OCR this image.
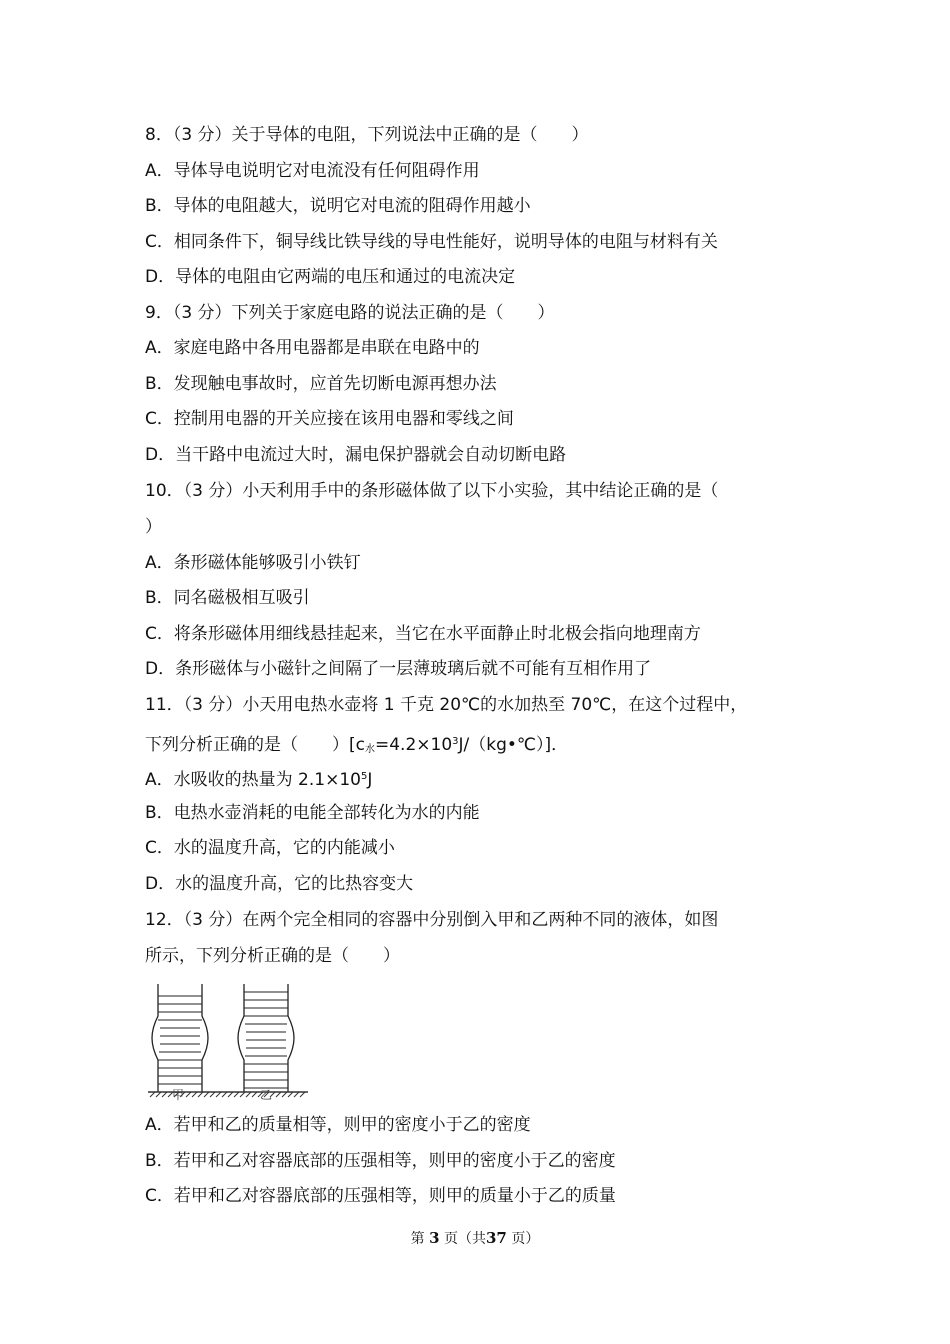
8．（3 分）关于导体的电阻，下列说法中正确的是（　　）
A．导体导电说明它对电流没有任何阻碍作用
B．导体的电阻越大，说明它对电流的阻碍作用越小
C．相同条件下，铜导线比铁导线的导电性能好，说明导体的电阻与材料有关
D．导体的电阻由它两端的电压和通过的电流决定
9．（3 分）下列关于家庭电路的说法正确的是（　　）
A．家庭电路中各用电器都是串联在电路中的
B．发现触电事故时，应首先切断电源再想办法
C．控制用电器的开关应接在该用电器和零线之间
D．当干路中电流过大时，漏电保护器就会自动切断电路
10．（3 分）小天利用手中的条形磁体做了以下小实验，其中结论正确的是（
）
A．条形磁体能够吸引小铁钉
B．同名磁极相互吸引
C．将条形磁体用细线悬挂起来，当它在水平面静止时北极会指向地理南方
D．条形磁体与小磁针之间隔了一层薄玻璃后就不可能有互相作用了
11．（3 分）小天用电热水壶将 1 千克 20℃的水加热至 70℃，在这个过程中，
下列分析正确的是（　　）$[c_水=4.2\times 10^3J/(kg•℃)]$．
A．水吸收的热量为 $2.1\times 10^5J$
B．电热水壶消耗的电能全部转化为水的内能
C．水的温度升高，它的内能减小
D．水的温度升高，它的比热容变大
12．（3 分）在两个完全相同的容器中分别倒入甲和乙两种不同的液体，如图
所示，下列分析正确的是（　　）
甲	乙
A．若甲和乙的质量相等，则甲的密度小于乙的密度
B．若甲和乙对容器底部的压强相等，则甲的密度小于乙的密度
C．若甲和乙对容器底部的压强相等，则甲的质量小于乙的质量
第 3 页（共37 页）
